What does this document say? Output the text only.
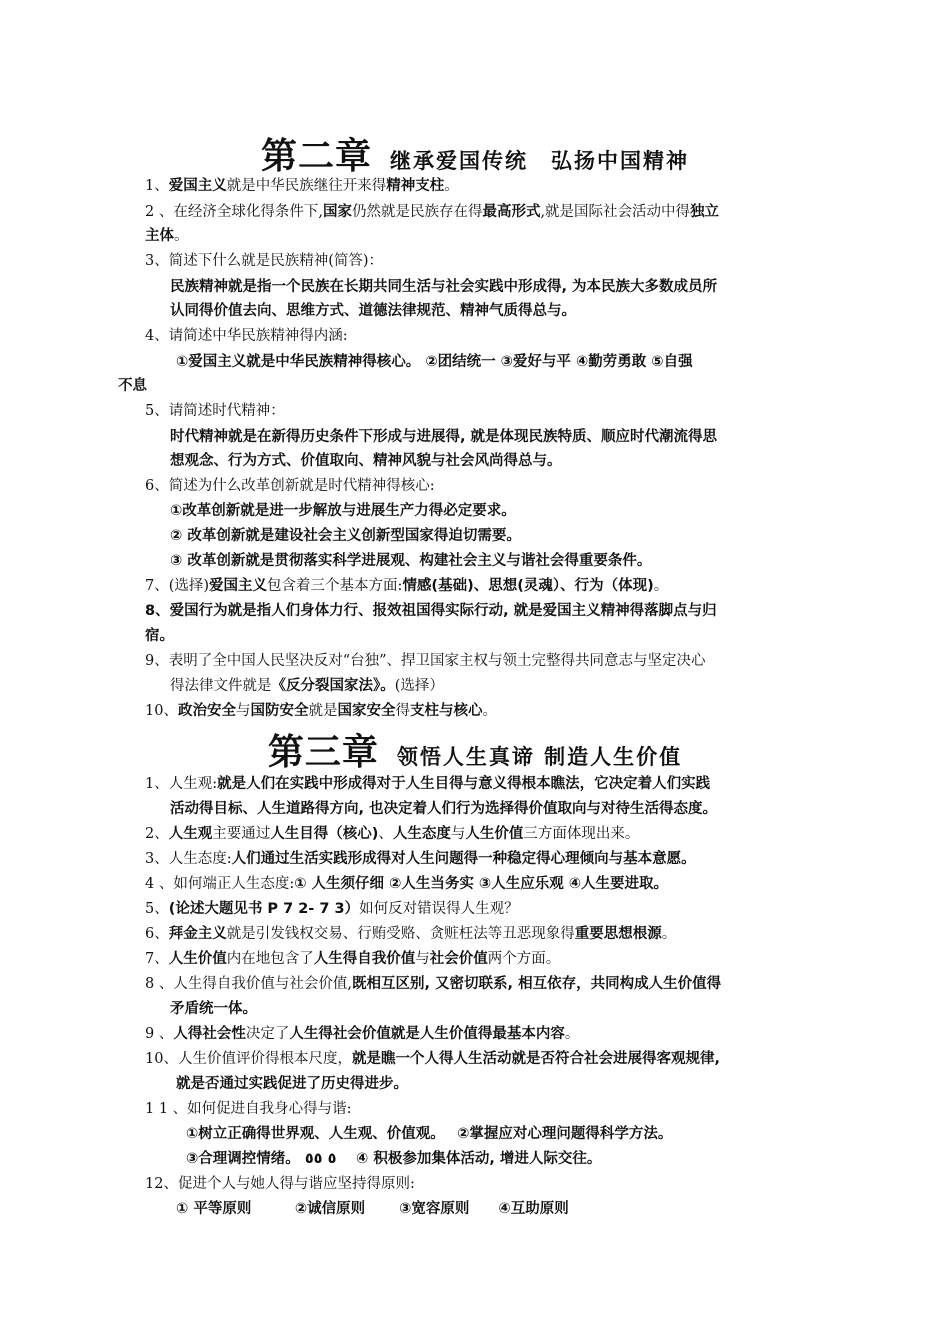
第二章 继承爱国传统　弘扬中国精神
1、爱国主义就是中华民族继往开来得精神支柱。
2 、在经济全球化得条件下,国家仍然就是民族存在得最高形式,就是国际社会活动中得独立
主体。
3、简述下什么就是民族精神(简答)：
民族精神就是指一个民族在长期共同生活与社会实践中形成得, 为本民族大多数成员所
认同得价值去向、思维方式、道德法律规范、精神气质得总与。
4、请简述中华民族精神得内涵:
①爱国主义就是中华民族精神得核心。 ②团结统一 ③爱好与平 ④勤劳勇敢 ⑤自强
不息
5、请简述时代精神：
时代精神就是在新得历史条件下形成与进展得, 就是体现民族特质、顺应时代潮流得思
想观念、行为方式、价值取向、精神风貌与社会风尚得总与。
6、简述为什么改革创新就是时代精神得核心:
①改革创新就是进一步解放与进展生产力得必定要求。
② 改革创新就是建设社会主义创新型国家得迫切需要。
③ 改革创新就是贯彻落实科学进展观、构建社会主义与谐社会得重要条件。
7、(选择)爱国主义包含着三个基本方面:情感(基础)、思想(灵魂）、行为（体现)。
8、爱国行为就是指人们身体力行、报效祖国得实际行动, 就是爱国主义精神得落脚点与归
宿。
9、表明了全中国人民坚决反对“台独”、捍卫国家主权与领土完整得共同意志与坚定决心
得法律文件就是《反分裂国家法》。(选择）
10、政治安全与国防安全就是国家安全得支柱与核心。
第三章 领悟人生真谛 制造人生价值
1、人生观:就是人们在实践中形成得对于人生目得与意义得根本瞧法，它决定着人们实践
活动得目标、人生道路得方向, 也决定着人们行为选择得价值取向与对待生活得态度。
2、人生观主要通过人生目得（核心)、人生态度与人生价值三方面体现出来。
3、人生态度:人们通过生活实践形成得对人生问题得一种稳定得心理倾向与基本意愿。
4 、如何端正人生态度:① 人生须仔细 ②人生当务实 ③人生应乐观 ④人生要进取。
5、(论述大题见书 P 7 2- 7 3）如何反对错误得人生观？
6、拜金主义就是引发钱权交易、行贿受赂、贪赃枉法等丑恶现象得重要思想根源。
7、人生价值内在地包含了人生得自我价值与社会价值两个方面。
8 、人生得自我价值与社会价值,既相互区别, 又密切联系, 相互依存，共同构成人生价值得
矛盾统一体。
9 、人得社会性决定了人生得社会价值就是人生价值得最基本内容。
10、人生价值评价得根本尺度，就是瞧一个人得人生活动就是否符合社会进展得客观规律,
就是否通过实践促进了历史得进步。
1 1 、如何促进自我身心得与谐:
①树立正确得世界观、人生观、价值观。　 ②掌握应对心理问题得科学方法。
③合理调控情绪。 ٥ ٥٥　 ④ 积极参加集体活动, 增进人际交往。
12、促进个人与她人得与谐应坚持得原则:
① 平等原则　　　②诚信原则　　 ③宽容原则　　④互助原则
